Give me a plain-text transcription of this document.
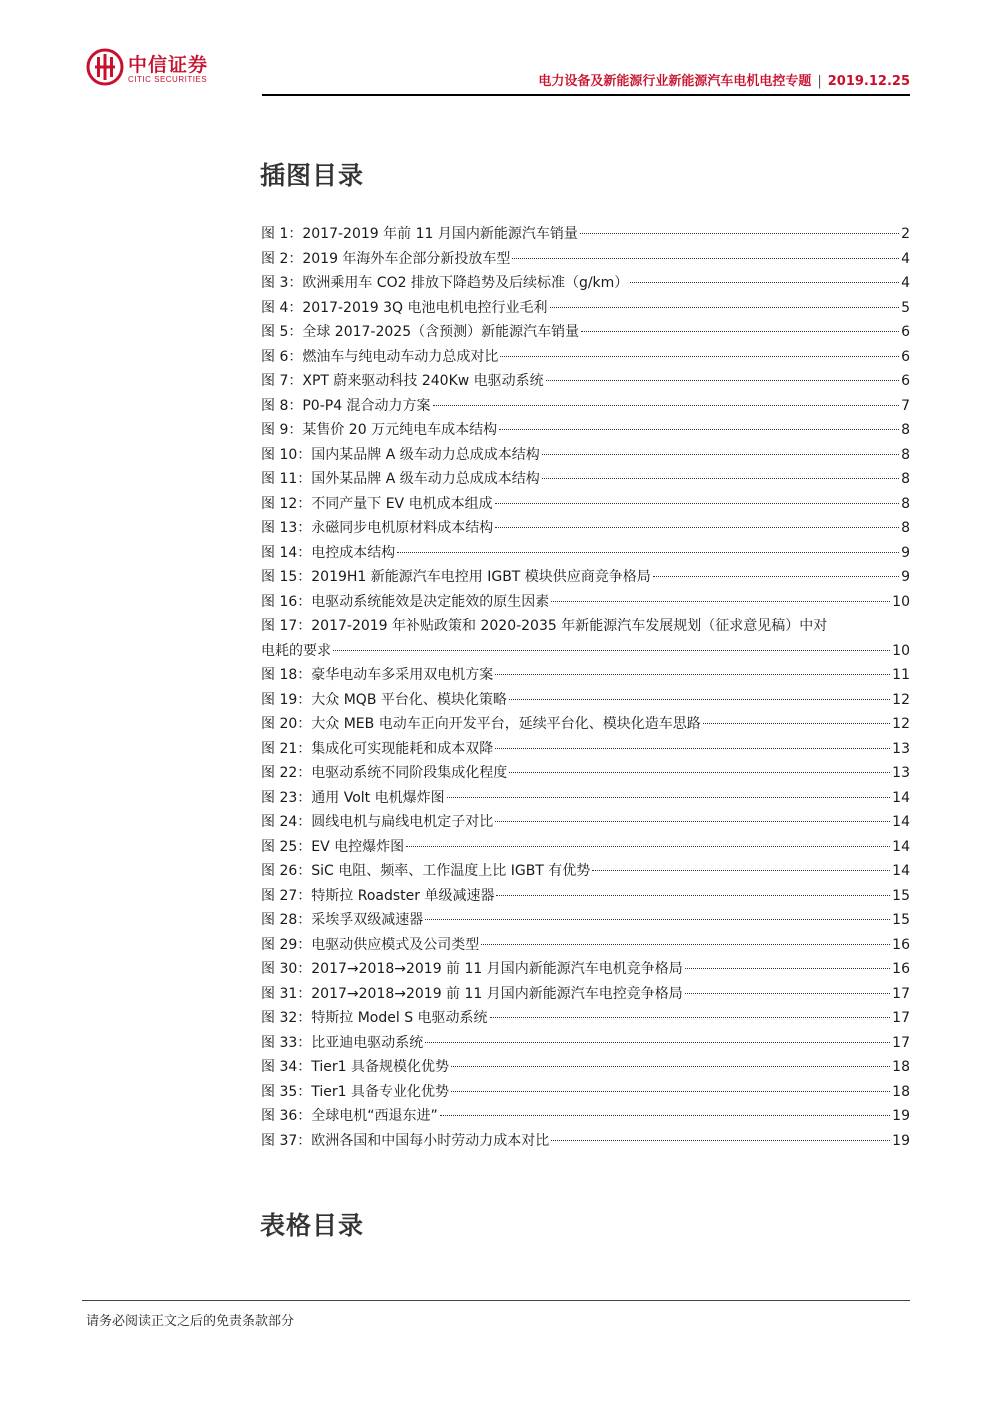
中信证券
CITIC SECURITIES	电力设备及新能源行业新能源汽车电机电控专题 | 2019.12.25
插图目录
图 1：2017-2019 年前 11 月国内新能源汽车销量	2
图 2：2019 年海外车企部分新投放车型	4
图 3：欧洲乘用车 CO2 排放下降趋势及后续标准（g/km）	4
图 4：2017-2019 3Q 电池电机电控行业毛利	5
图 5：全球 2017-2025（含预测）新能源汽车销量	6
图 6：燃油车与纯电动车动力总成对比	6
图 7：XPT 蔚来驱动科技 240Kw 电驱动系统	6
图 8：P0-P4 混合动力方案	7
图 9：某售价 20 万元纯电车成本结构	8
图 10：国内某品牌 A 级车动力总成成本结构	8
图 11：国外某品牌 A 级车动力总成成本结构	8
图 12：不同产量下 EV 电机成本组成	8
图 13：永磁同步电机原材料成本结构	8
图 14：电控成本结构	9
图 15：2019H1 新能源汽车电控用 IGBT 模块供应商竞争格局	9
图 16：电驱动系统能效是决定能效的原生因素	10
图 17：2017-2019 年补贴政策和 2020-2035 年新能源汽车发展规划（征求意见稿）中对
电耗的要求	10
图 18：豪华电动车多采用双电机方案	11
图 19：大众 MQB 平台化、模块化策略	12
图 20：大众 MEB 电动车正向开发平台，延续平台化、模块化造车思路	12
图 21：集成化可实现能耗和成本双降	13
图 22：电驱动系统不同阶段集成化程度	13
图 23：通用 Volt 电机爆炸图	14
图 24：圆线电机与扁线电机定子对比	14
图 25：EV 电控爆炸图	14
图 26：SiC 电阻、频率、工作温度上比 IGBT 有优势	14
图 27：特斯拉 Roadster 单级减速器	15
图 28：采埃孚双级减速器	15
图 29：电驱动供应模式及公司类型	16
图 30：2017→2018→2019 前 11 月国内新能源汽车电机竞争格局	16
图 31：2017→2018→2019 前 11 月国内新能源汽车电控竞争格局	17
图 32：特斯拉 Model S 电驱动系统	17
图 33：比亚迪电驱动系统	17
图 34：Tier1 具备规模化优势	18
图 35：Tier1 具备专业化优势	18
图 36：全球电机“西退东进”	19
图 37：欧洲各国和中国每小时劳动力成本对比	19
表格目录
请务必阅读正文之后的免责条款部分
